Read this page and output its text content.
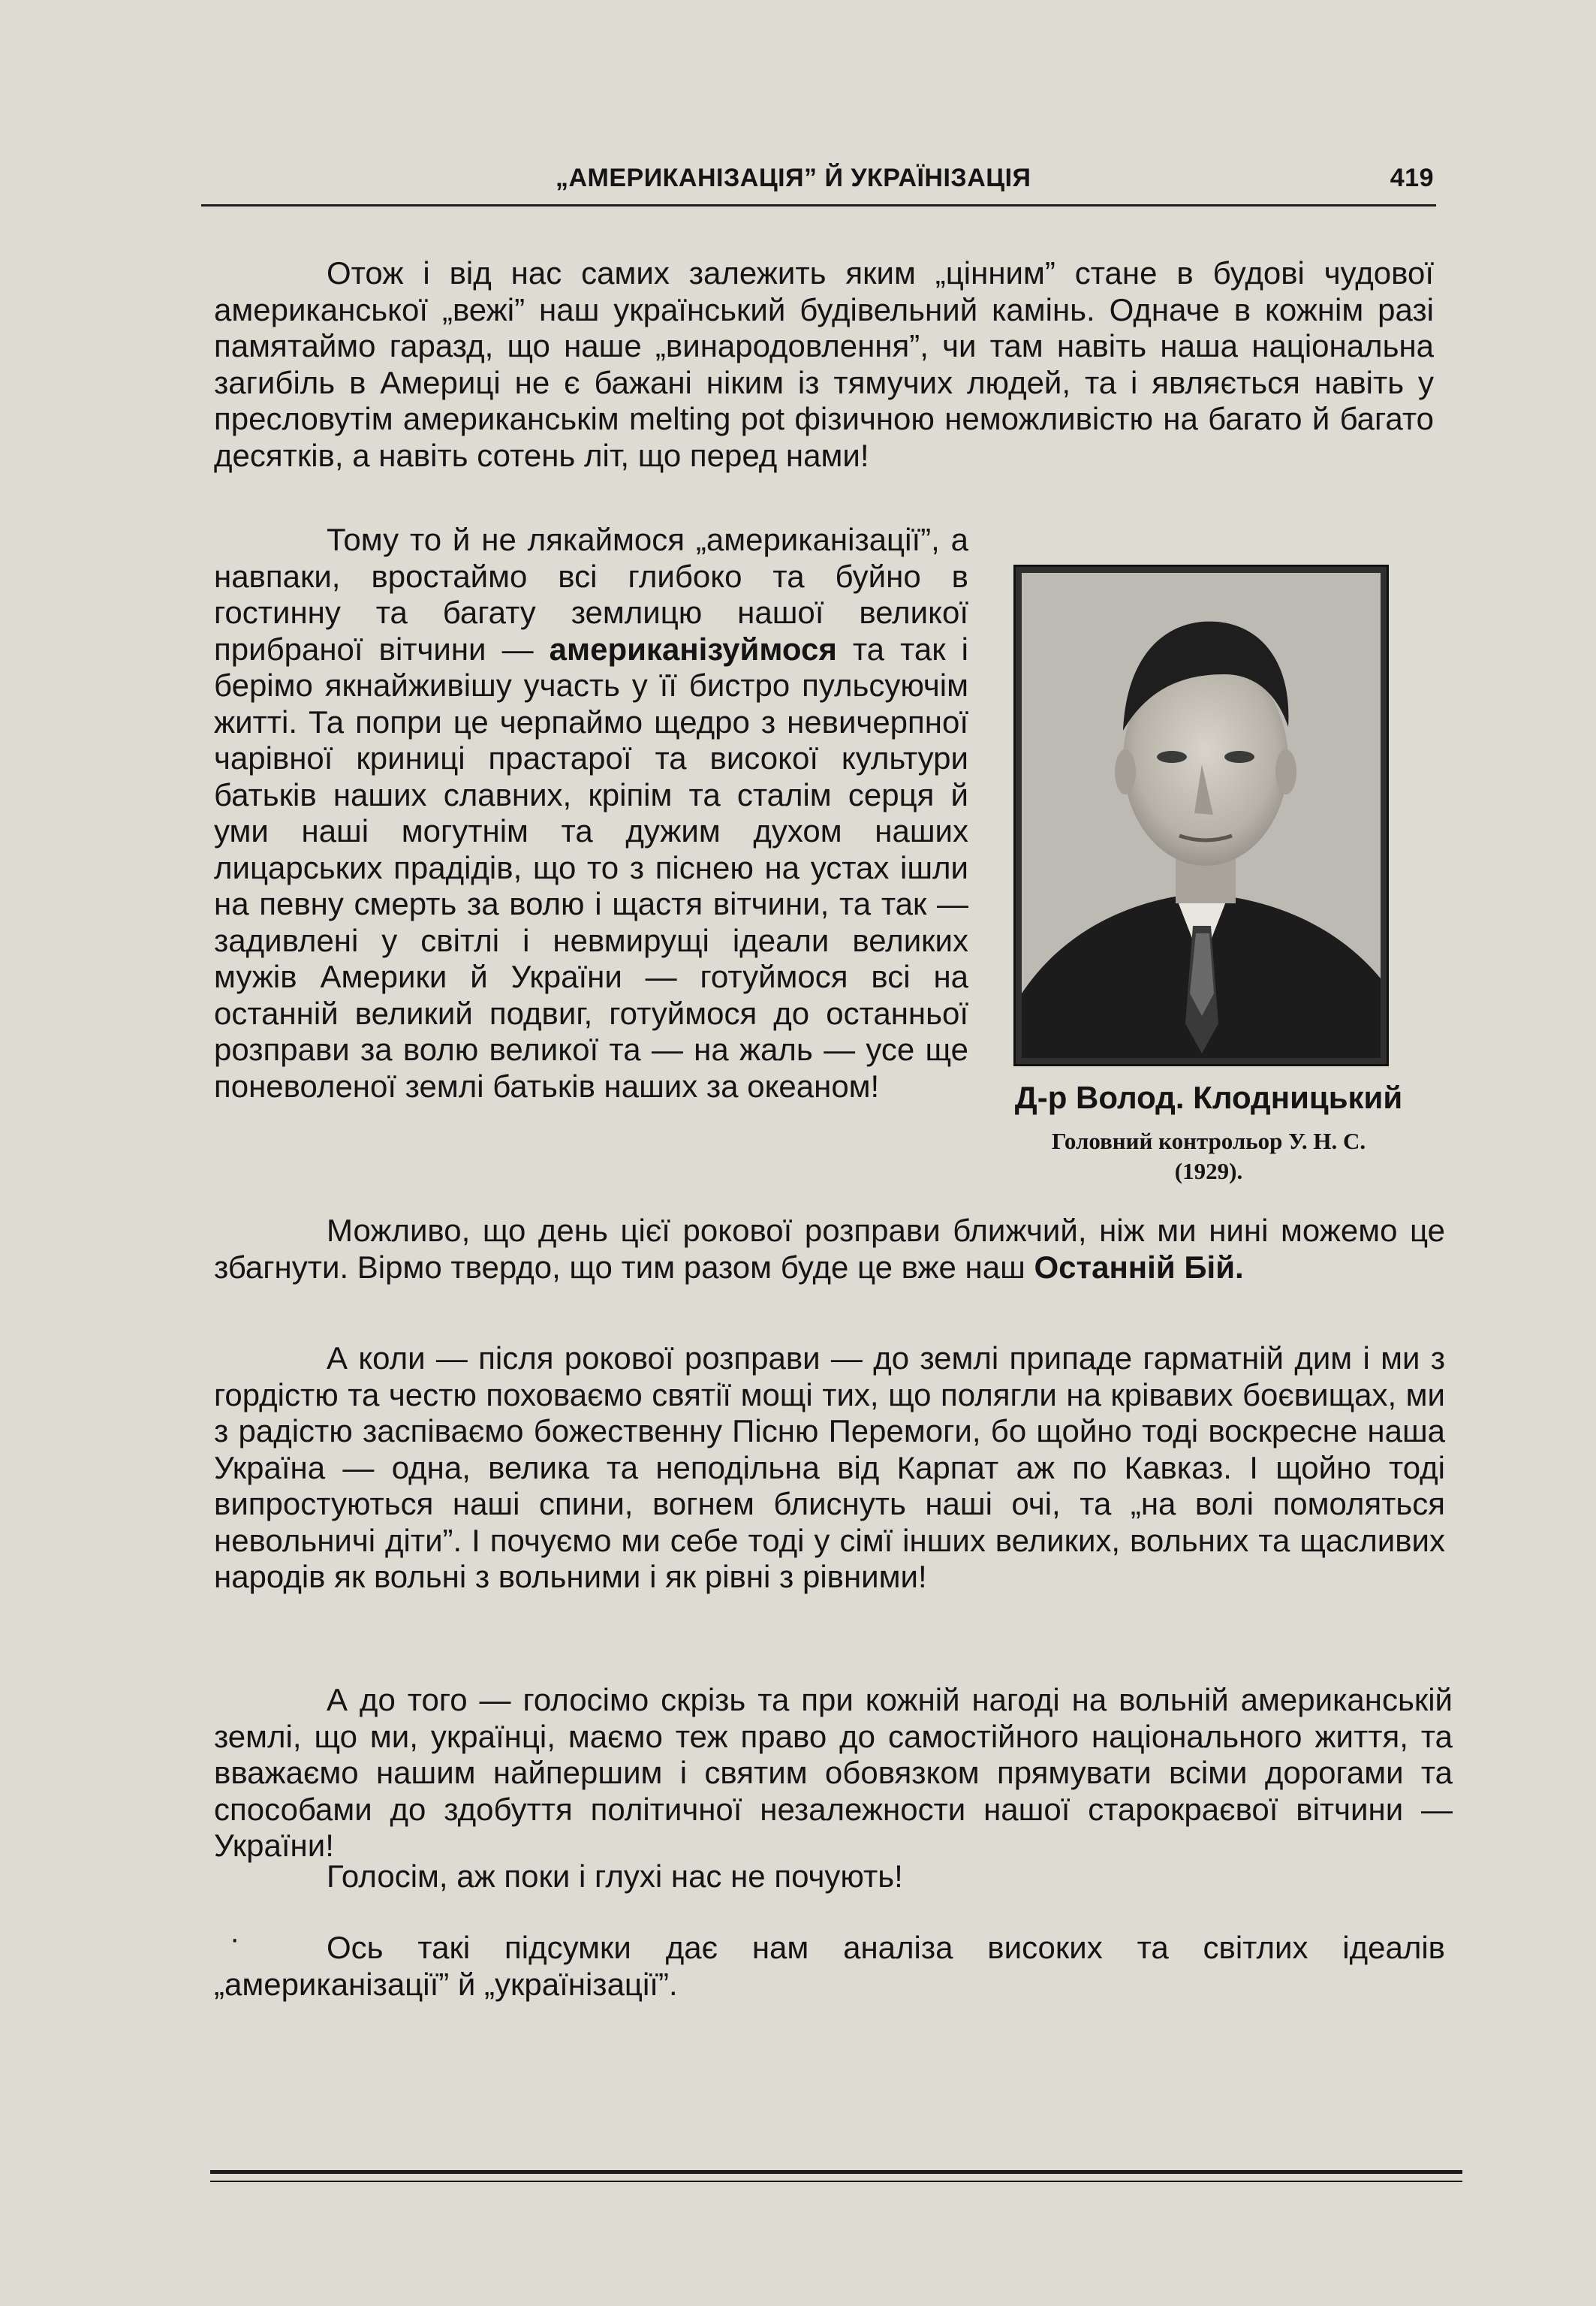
„АМЕРИКАНІЗАЦІЯ” Й УКРАЇНІЗАЦІЯ	419

Отож і від нас самих залежить яким „цінним” стане в будові чудової американської „вежі” наш український будівельний камінь. Одначе в кожнім разі памятаймо гаразд, що наше „винародовлення”, чи там навіть наша національна загибіль в Америці не є бажані ніким із тямучих людей, та і являється навіть у пресловутім американськім melting pot фізичною неможливістю на багато й багато десятків, а навіть сотень літ, що перед нами!

Тому то й не лякаймося „американізації”, а навпаки, вростаймо всі глибоко та буйно в гостинну та багату землицю нашої великої прибраної вітчини — американізуймося та так і берімо якнайживішу участь у її бистро пульсуючім житті. Та попри це черпаймо щедро з невичерпної чарівної криниці прастарої та високої культури батьків наших славних, кріпім та сталім серця й уми наші могутнім та дужим духом наших лицарських прадідів, що то з піснею на устах ішли на певну смерть за волю і щастя вітчини, та так — задивлені у світлі і невмирущі ідеали великих мужів Америки й України — готуймося всі на останній великий подвиг, готуймося до останньої розправи за волю великої та — на жаль — усе ще поневоленої землі батьків наших за океаном!	Д-р Волод. Клодницький
Головний контрольор У. Н. С.
(1929).

Можливо, що день цієї рокової розправи ближчий, ніж ми нині можемо це збагнути. Вірмо твердо, що тим разом буде це вже наш Останній Бій.

А коли — після рокової розправи — до землі припаде гарматній дим і ми з гордістю та честю поховаємо святії мощі тих, що полягли на крівавих боєвищах, ми з радістю заспіваємо божественну Пісню Перемоги, бо щойно тоді воскресне наша Україна — одна, велика та неподільна від Карпат аж по Кавказ. І щойно тоді випростуються наші спини, вогнем блиснуть наші очі, та „на волі помоляться невольничі діти”. І почуємо ми себе тоді у сімї інших великих, вольних та щасливих народів як вольні з вольними і як рівні з рівними!

А до того — голосімо скрізь та при кожній нагоді на вольній американській землі, що ми, українці, маємо теж право до самостійного національного життя, та вважаємо нашим найпершим і святим обовязком прямувати всіми дорогами та способами до здобуття політичної незалежности нашої старокраєвої вітчини — України!

Голосім, аж поки і глухі нас не почують!

·	Ось такі підсумки дає нам аналіза високих та світлих ідеалів „американізації” й „українізації”.
